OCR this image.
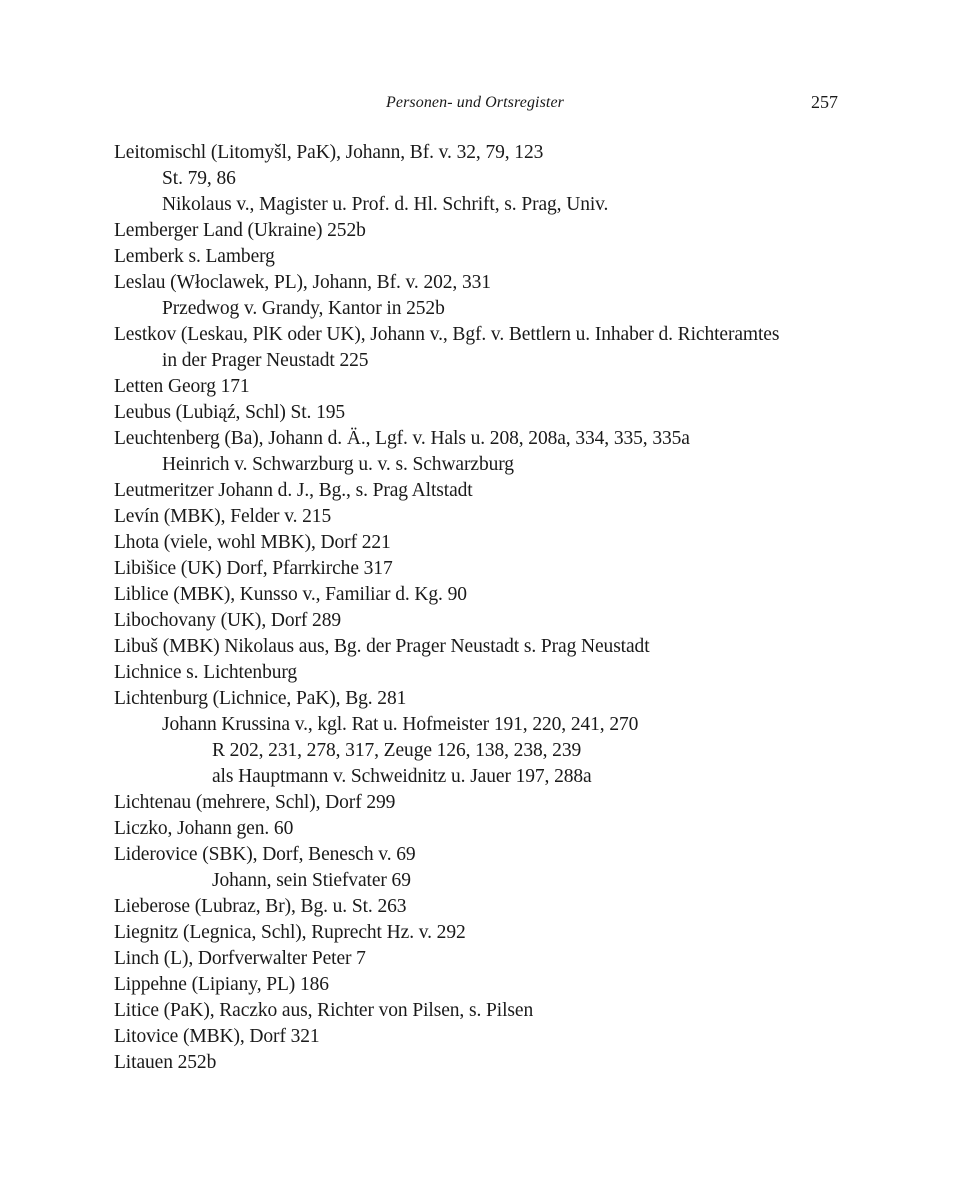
Personen- und Ortsregister	257
Leitomischl (Litomyšl, PaK), Johann, Bf. v. 32, 79, 123
St. 79, 86
Nikolaus v., Magister u. Prof. d. Hl. Schrift, s. Prag, Univ.
Lemberger Land (Ukraine) 252b
Lemberk s. Lamberg
Leslau (Włoclawek, PL), Johann, Bf. v. 202, 331
Przedwog v. Grandy, Kantor in 252b
Lestkov (Leskau, PlK oder UK), Johann v., Bgf. v. Bettlern u. Inhaber d. Richteramtes
in der Prager Neustadt 225
Letten Georg 171
Leubus (Lubiąź, Schl) St. 195
Leuchtenberg (Ba), Johann d. Ä., Lgf. v. Hals u. 208, 208a, 334, 335, 335a
Heinrich v. Schwarzburg u. v. s. Schwarzburg
Leutmeritzer Johann d. J., Bg., s. Prag Altstadt
Levín (MBK), Felder v. 215
Lhota (viele, wohl MBK), Dorf 221
Libišice (UK) Dorf, Pfarrkirche 317
Liblice (MBK), Kunsso v., Familiar d. Kg. 90
Libochovany (UK), Dorf 289
Libuš (MBK) Nikolaus aus, Bg. der Prager Neustadt s. Prag Neustadt
Lichnice s. Lichtenburg
Lichtenburg (Lichnice, PaK), Bg. 281
Johann Krussina v., kgl. Rat u. Hofmeister 191, 220, 241, 270
R 202, 231, 278, 317, Zeuge 126, 138, 238, 239
als Hauptmann v. Schweidnitz u. Jauer 197, 288a
Lichtenau (mehrere, Schl), Dorf 299
Liczko, Johann gen. 60
Liderovice (SBK), Dorf, Benesch v. 69
Johann, sein Stiefvater 69
Lieberose (Lubraz, Br), Bg. u. St. 263
Liegnitz (Legnica, Schl), Ruprecht Hz. v. 292
Linch (L), Dorfverwalter Peter 7
Lippehne (Lipiany, PL) 186
Litice (PaK), Raczko aus, Richter von Pilsen, s. Pilsen
Litovice (MBK), Dorf 321
Litauen 252b
